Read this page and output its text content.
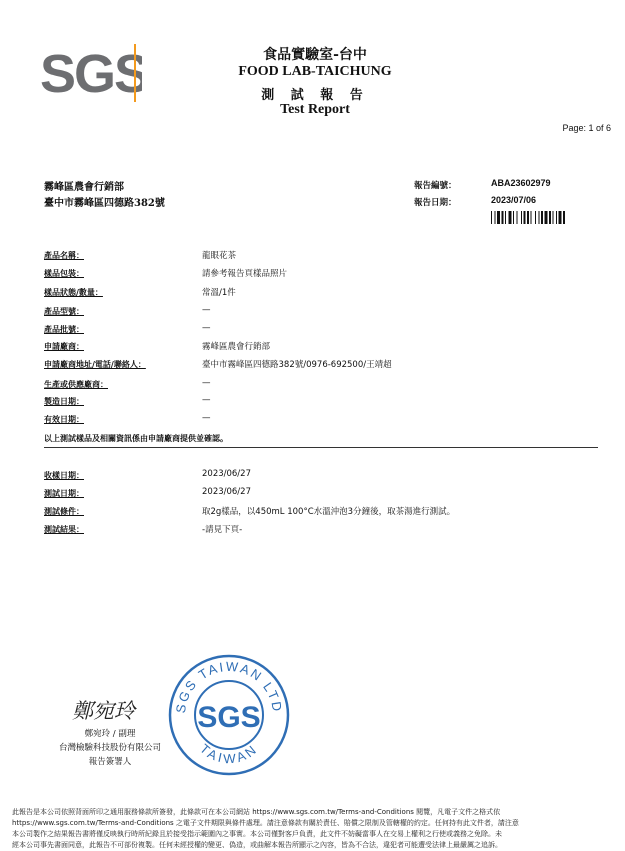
SGS	食品實驗室-台中
FOOD LAB-TAICHUNG
測 試 報 告
Test Report
Page: 1 of 6
霧峰區農會行銷部
臺中市霧峰區四德路382號
報告編號：	ABA23602979
報告日期：	2023/07/06
產品名稱：	龍眼花茶
樣品包裝：	請參考報告頁樣品照片
樣品狀態/數量：	常溫/1件
產品型號：	—
產品批號：	—
申請廠商：	霧峰區農會行銷部
申請廠商地址/電話/聯絡人：	臺中市霧峰區四德路382號/0976-692500/王靖超
生產或供應廠商：	—
製造日期：	—
有效日期：	—
以上測試樣品及相關資訊係由申請廠商提供並確認。
收樣日期：	2023/06/27
測試日期：	2023/06/27
測試條件：	取2g樣品，以450mL 100°C水溫沖泡3分鐘後，取茶湯進行測試。
測試結果：	-請見下頁-
鄭宛玲
鄭宛玲 / 副理
台灣檢驗科技股份有限公司
報告簽署人
SGS TAIWAN LTD
TAIWAN
SGS
此報告是本公司依照背面所印之通用服務條款所簽發，此條款可在本公司網站 https://www.sgs.com.tw/Terms-and-Conditions 閱覽，凡電子文件之格式依
https://www.sgs.com.tw/Terms-and-Conditions 之電子文件期限與條件處理。請注意條款有關於責任、賠償之限制及管轄權的約定。任何持有此文件者，請注意
本公司製作之結果報告書將僅反映執行時所紀錄且於接受指示範圍內之事實。本公司僅對客戶負責，此文件不妨礙當事人在交易上權利之行使或義務之免除。未
經本公司事先書面同意，此報告不可部份複製。任何未經授權的變更、偽造，或曲解本報告所顯示之內容，皆為不合法，違犯者可能遭受法律上最嚴厲之追訴。
